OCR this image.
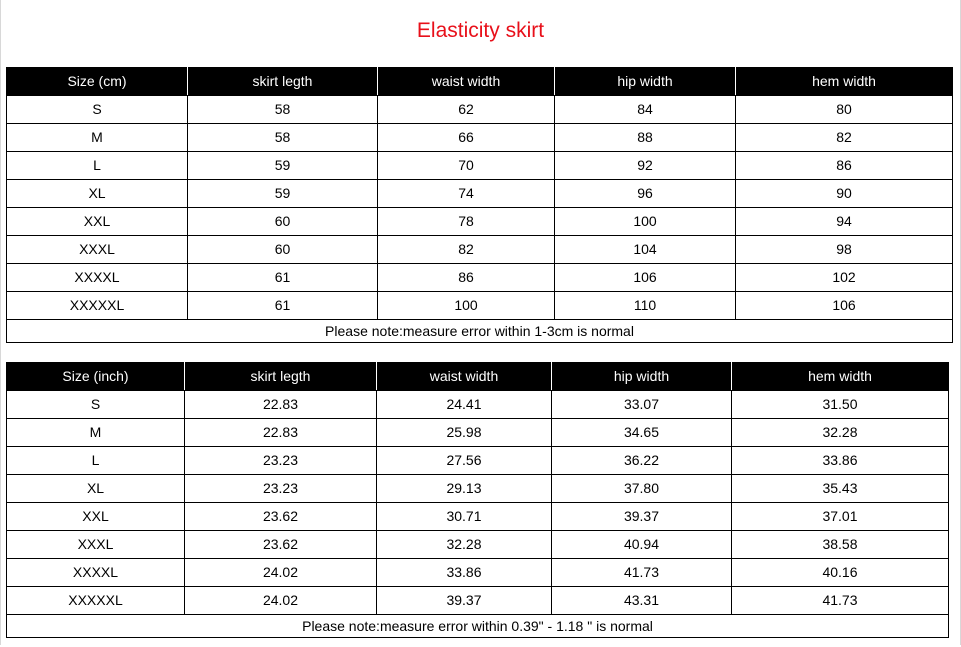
Elasticity skirt
Size (cm)	skirt legth	waist width	hip width	hem width
S	58	62	84	80
M	58	66	88	82
L	59	70	92	86
XL	59	74	96	90
XXL	60	78	100	94
XXXL	60	82	104	98
XXXXL	61	86	106	102
XXXXXL	61	100	110	106
Please note:measure error within 1-3cm is normal				
Size (inch)	skirt legth	waist width	hip width	hem width
S	22.83	24.41	33.07	31.50
M	22.83	25.98	34.65	32.28
L	23.23	27.56	36.22	33.86
XL	23.23	29.13	37.80	35.43
XXL	23.62	30.71	39.37	37.01
XXXL	23.62	32.28	40.94	38.58
XXXXL	24.02	33.86	41.73	40.16
XXXXXL	24.02	39.37	43.31	41.73
Please note:measure error within 0.39" - 1.18 " is normal				
